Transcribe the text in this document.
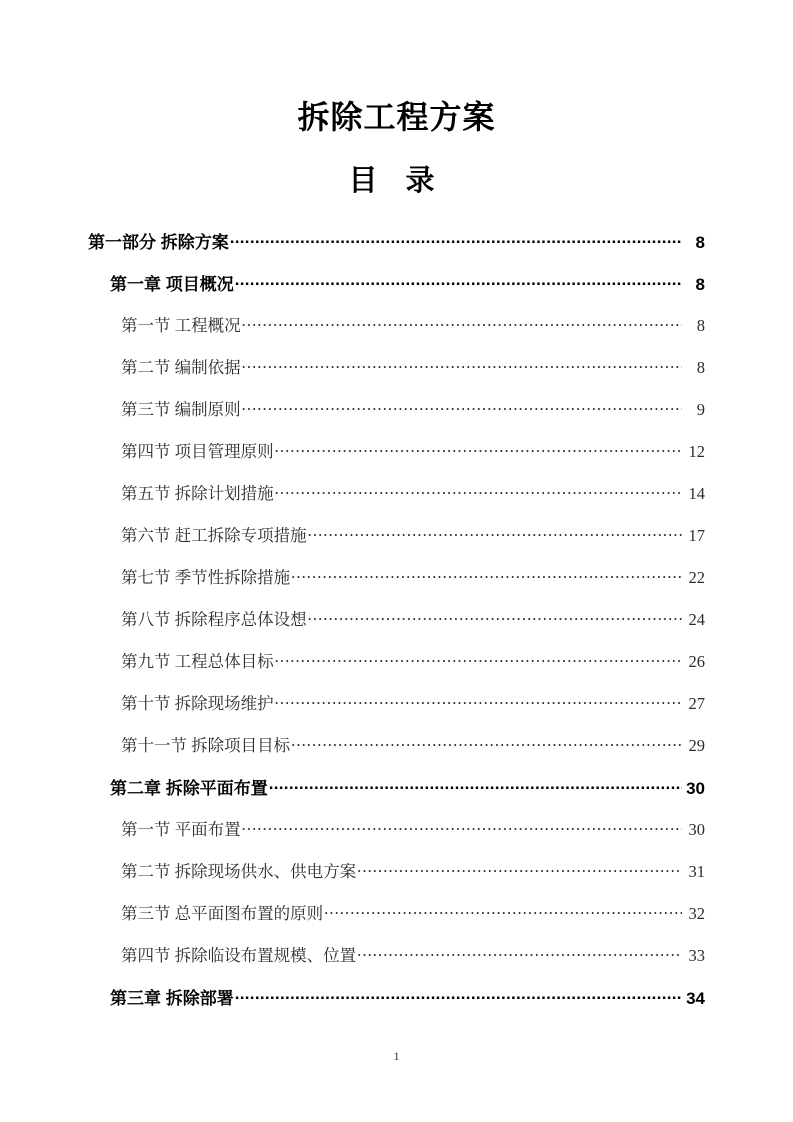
拆除工程方案
目 录
第一部分 拆除方案 .....	8
第一章 项目概况 .....	8
第一节 工程概况 .....	8
第二节 编制依据 .....	8
第三节 编制原则 .....	9
第四节 项目管理原则 .....	12
第五节 拆除计划措施 .....	14
第六节 赶工拆除专项措施 .....	17
第七节 季节性拆除措施 .....	22
第八节 拆除程序总体设想 .....	24
第九节 工程总体目标 .....	26
第十节 拆除现场维护 .....	27
第十一节 拆除项目目标 .....	29
第二章 拆除平面布置 .....	30
第一节 平面布置 .....	30
第二节 拆除现场供水、供电方案 .....	31
第三节 总平面图布置的原则 .....	32
第四节 拆除临设布置规模、位置 .....	33
第三章 拆除部署 .....	34
1
